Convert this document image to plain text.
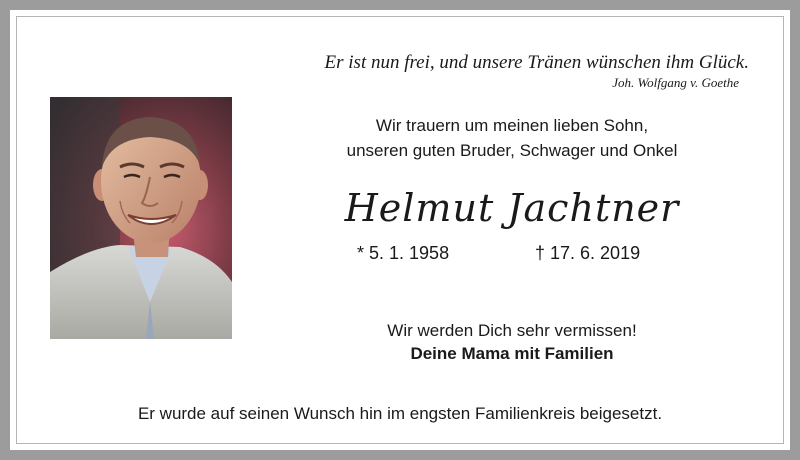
Er ist nun frei, und unsere Tränen wünschen ihm Glück.
Joh. Wolfgang v. Goethe
Wir trauern um meinen lieben Sohn,
unseren guten Bruder, Schwager und Onkel
Helmut Jachtner
* 5. 1. 1958	† 17. 6. 2019
Wir werden Dich sehr vermissen!
Deine Mama mit Familien
Er wurde auf seinen Wunsch hin im engsten Familienkreis beigesetzt.
